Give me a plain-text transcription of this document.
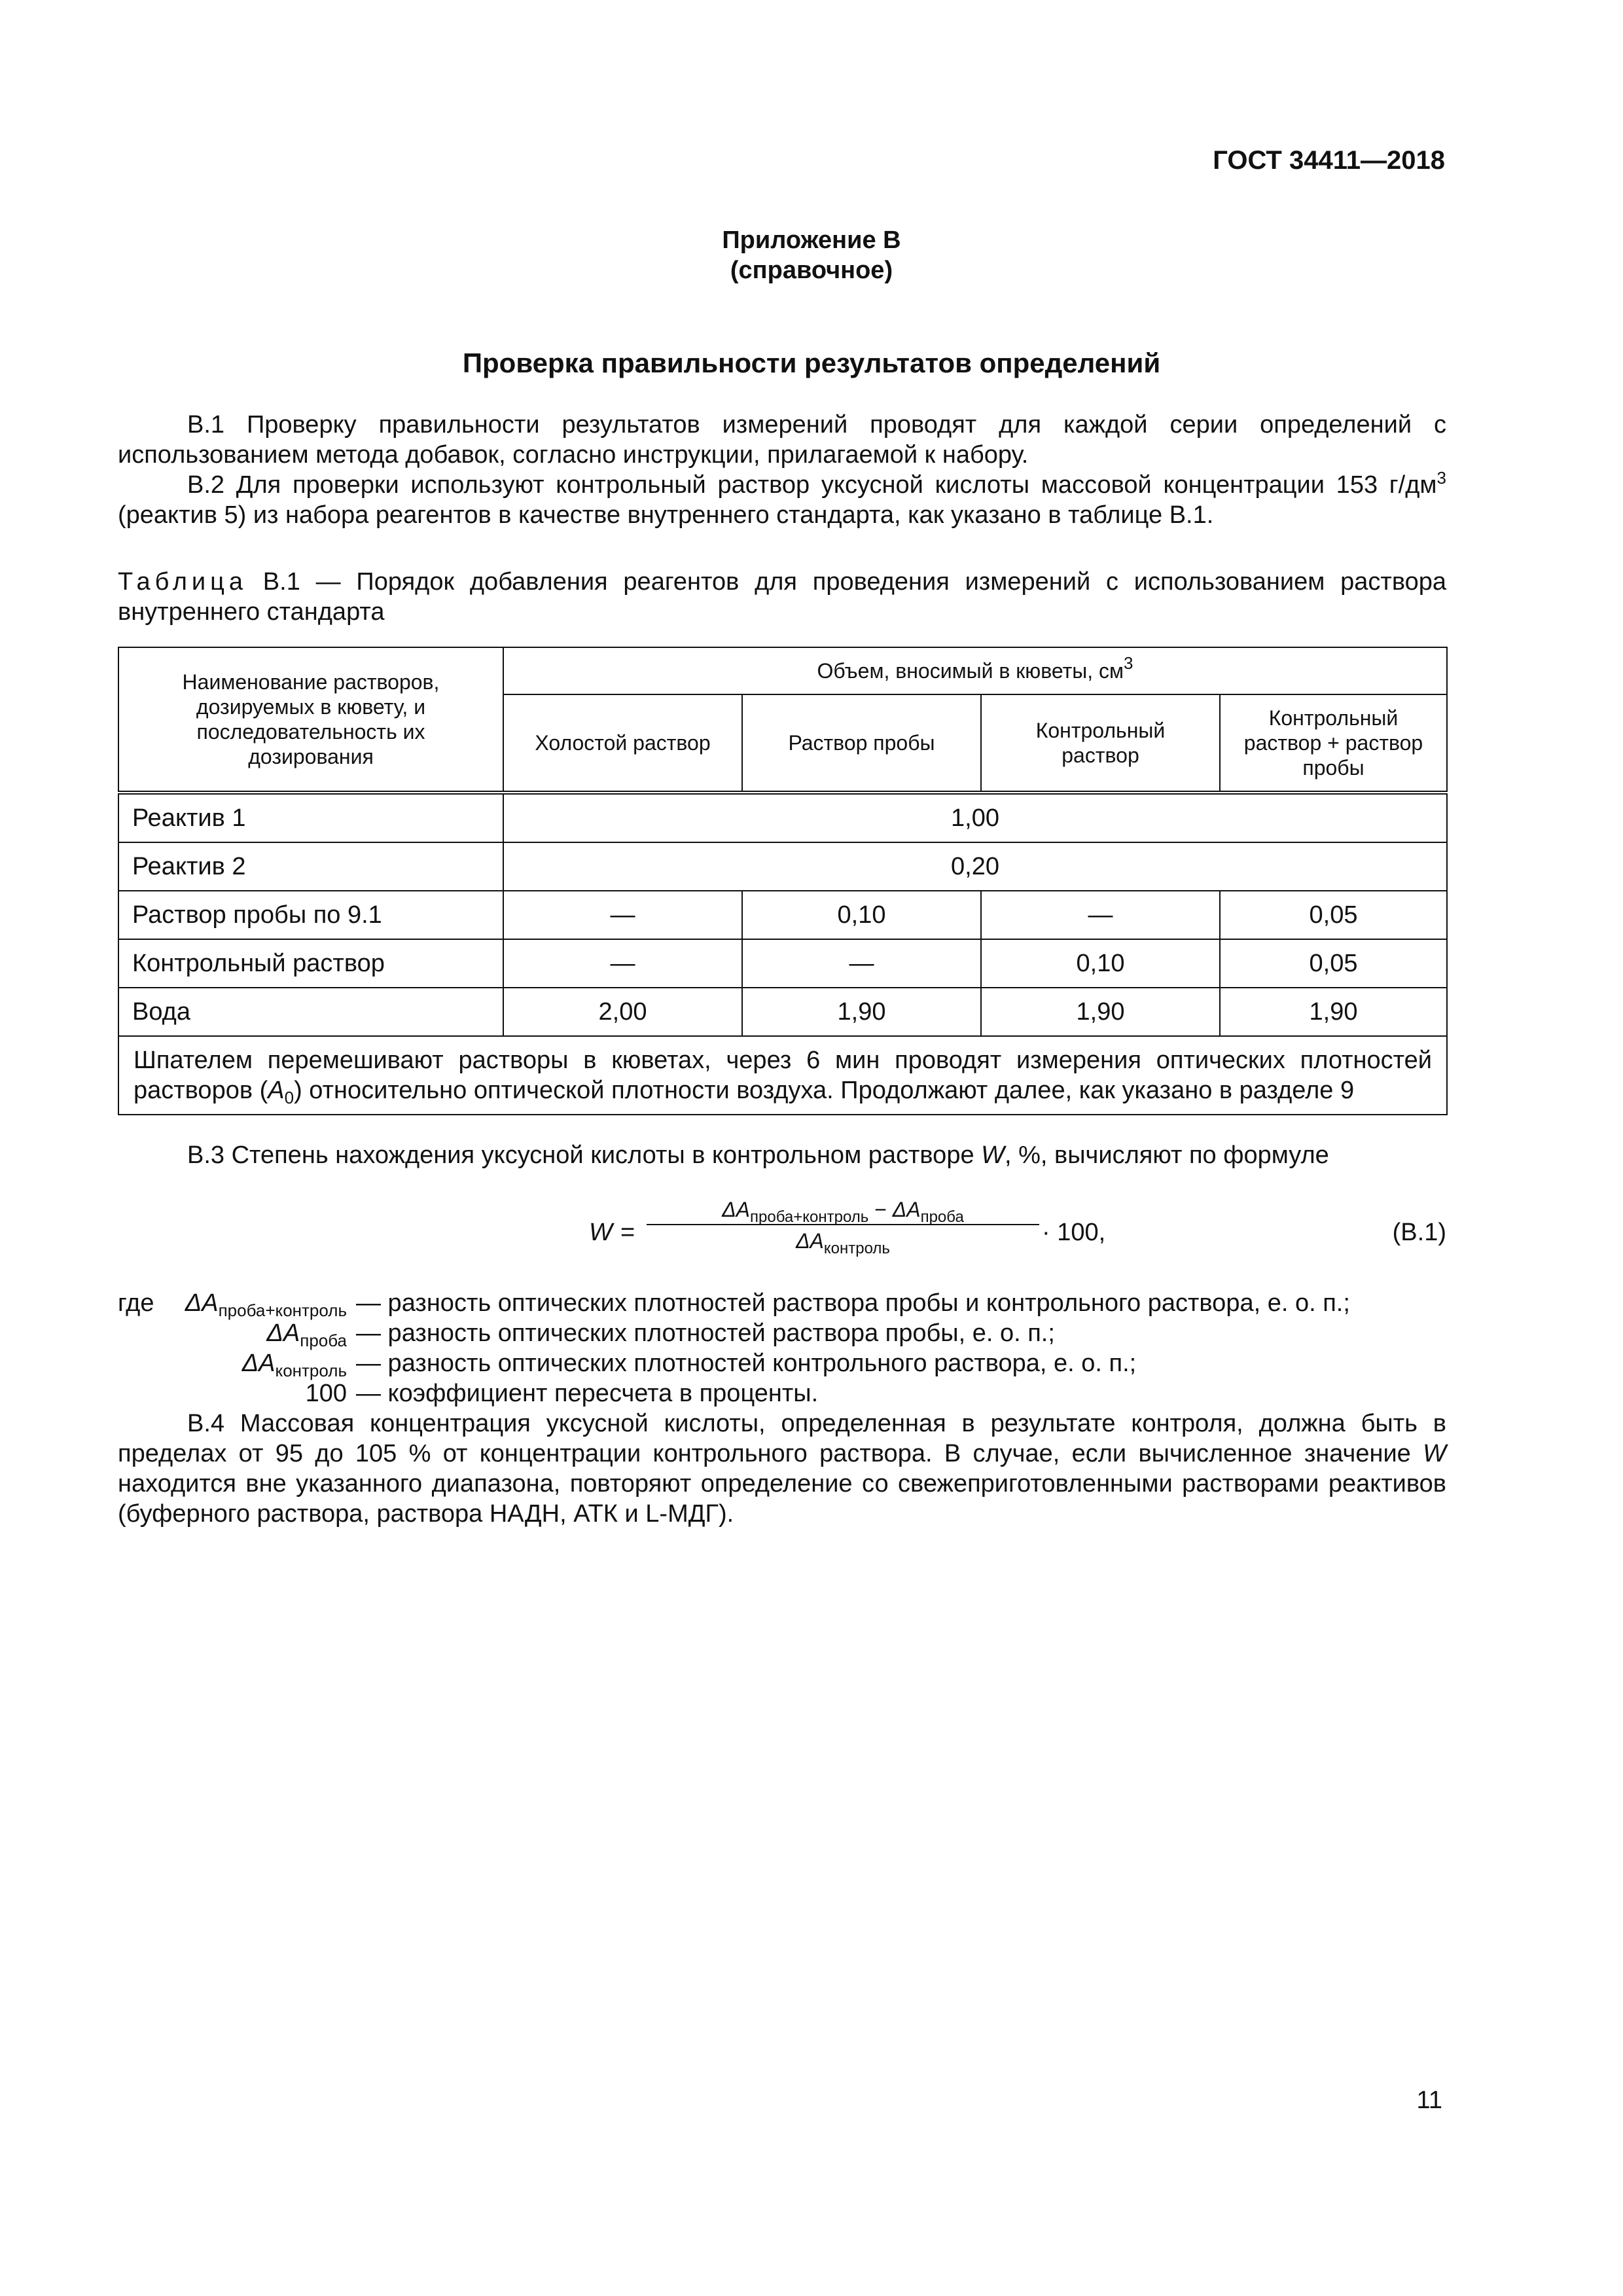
ГОСТ 34411—2018
Приложение В
(справочное)
Проверка правильности результатов определений

В.1 Проверку правильности результатов измерений проводят для каждой серии определений с использованием метода добавок, согласно инструкции, прилагаемой к набору.

В.2 Для проверки используют контрольный раствор уксусной кислоты массовой концентрации 153 $г/дм^3$ (реактив 5) из набора реагентов в качестве внутреннего стандарта, как указано в таблице В.1.

Таблица В.1 — Порядок добавления реагентов для проведения измерений с использованием раствора внутреннего стандарта

Наименование растворов, дозируемых в кювету, и последовательность их дозирования	Объем, вносимый в кюветы, $см^3$
	Холостой раствор	Раствор пробы	Контрольный раствор	Контрольный раствор + раствор пробы
Реактив 1	1,00			
Реактив 2	0,20			
Раствор пробы по 9.1	—	0,10	—	0,05
Контрольный раствор	—	—	0,10	0,05
Вода	2,00	1,90	1,90	1,90
Шпателем перемешивают растворы в кюветах, через 6 мин проводят измерения оптических плотностей растворов $(A_0)$ относительно оптической плотности воздуха. Продолжают далее, как указано в разделе 9				

В.3 Степень нахождения уксусной кислоты в контрольном растворе W, %, вычисляют по формуле

W =
$\Delta A_{проба+контроль} - \Delta A_{проба}$
$\Delta A_{контроль}$
· 100,	(В.1)
где $\Delta A_{проба+контроль}$ — разность оптических плотностей раствора пробы и контрольного раствора, е. о. п.;
$\Delta A_{проба}$ — разность оптических плотностей раствора пробы, е. о. п.;
$\Delta A_{контроль}$ — разность оптических плотностей контрольного раствора, е. о. п.;
100 — коэффициент пересчета в проценты.

В.4 Массовая концентрация уксусной кислоты, определенная в результате контроля, должна быть в пределах от 95 до 105 % от концентрации контрольного раствора. В случае, если вычисленное значение W находится вне указанного диапазона, повторяют определение со свежеприготовленными растворами реактивов (буферного раствора, раствора НАДН, АТК и L-МДГ).

11
